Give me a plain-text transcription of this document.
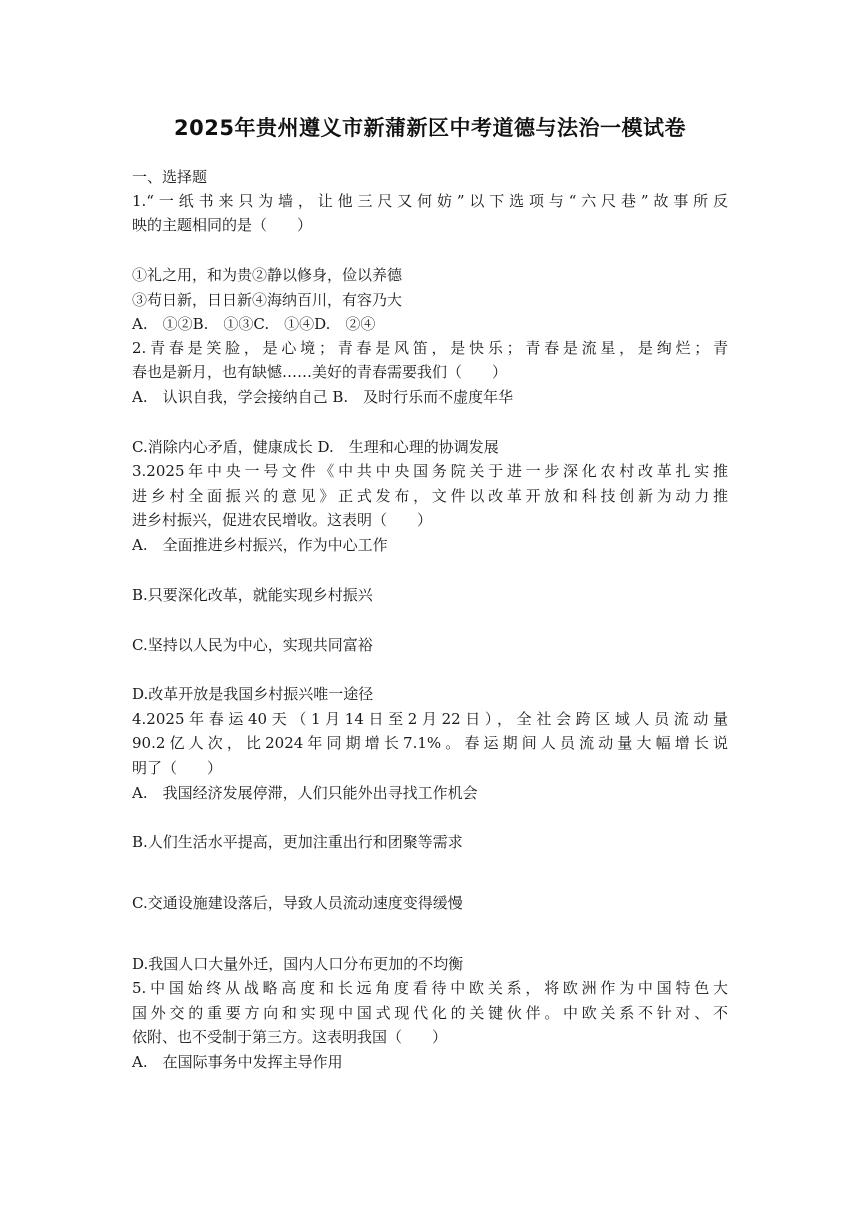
2025年贵州遵义市新蒲新区中考道德与法治一模试卷
一、选择题
1.“一纸书来只为墙，让他三尺又何妨”以下选项与“六尺巷”故事所反
映的主题相同的是（　　）
①礼之用，和为贵②静以修身，俭以养德
③苟日新，日日新④海纳百川，有容乃大
A.　①②B.　①③C.　①④D.　②④
2.青春是笑脸，是心境；青春是风笛，是快乐；青春是流星，是绚烂；青
春也是新月，也有缺憾……美好的青春需要我们（　　）
A.　认识自我，学会接纳自己 B.　及时行乐而不虚度年华
C.消除内心矛盾，健康成长 D.　生理和心理的协调发展
3.2025年中央一号文件《中共中央国务院关于进一步深化农村改革扎实推
进乡村全面振兴的意见》正式发布，文件以改革开放和科技创新为动力推
进乡村振兴，促进农民增收。这表明（　　）
A.　全面推进乡村振兴，作为中心工作
B.只要深化改革，就能实现乡村振兴
C.坚持以人民为中心，实现共同富裕
D.改革开放是我国乡村振兴唯一途径
4.2025年春运40天（1月14日至2月22日），全社会跨区域人员流动量
90.2亿人次，比2024年同期增长7.1%。春运期间人员流动量大幅增长说
明了（　　）
A.　我国经济发展停滞，人们只能外出寻找工作机会
B.人们生活水平提高，更加注重出行和团聚等需求
C.交通设施建设落后，导致人员流动速度变得缓慢
D.我国人口大量外迁，国内人口分布更加的不均衡
5.中国始终从战略高度和长远角度看待中欧关系，将欧洲作为中国特色大
国外交的重要方向和实现中国式现代化的关键伙伴。中欧关系不针对、不
依附、也不受制于第三方。这表明我国（　　）
A.　在国际事务中发挥主导作用
